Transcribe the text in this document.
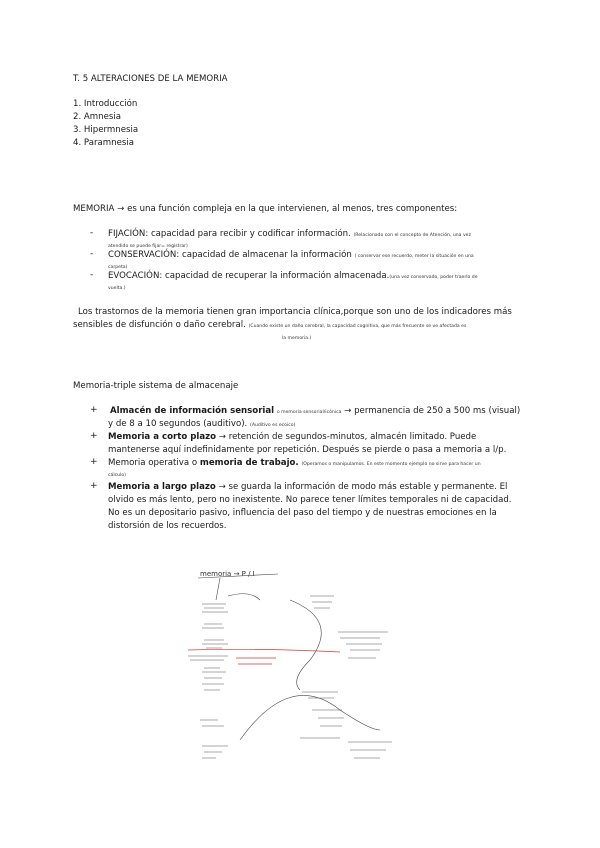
T. 5 ALTERACIONES DE LA MEMORIA
1. Introducción
2. Amnesia
3. Hipermnesia
4. Paramnesia
MEMORIA → es una función compleja en la que intervienen, al menos, tres componentes:
- FIJACIÓN: capacidad para recibir y codificar información. (Relacionado con el concepto de Atención, una vez
atendido se puede fijar= registrar)
- CONSERVACIÓN: capacidad de almacenar la información ( conservar ese recuerdo, meter la situación en una
carpeta)
- EVOCACIÓN: capacidad de recuperar la información almacenada.(una vez conservado, poder traerlo de
vuelta.)
Los trastornos de la memoria tienen gran importancia clínica,porque son uno de los indicadores más
sensibles de disfunción o daño cerebral. (Cuando existe un daño cerebral, la capacidad cognitiva, que más frecuente se ve afectada es
la memoria.)
Memoria-triple sistema de almacenaje
+ Almacén de información sensorial o memoria sensorial/icónica → permanencia de 250 a 500 ms (visual)
y de 8 a 10 segundos (auditivo). (Auditivo es ecoico)
+ Memoria a corto plazo → retención de segundos-minutos, almacén limitado. Puede
mantenerse aquí indefinidamente por repetición. Después se pierde o pasa a memoria a l/p.
+ Memoria operativa o memoria de trabajo. (Operamos o manipulamos. En este momento ejemplo no sirve para hacer un
cálculo)
+ Memoria a largo plazo → se guarda la información de modo más estable y permanente. El
olvido es más lento, pero no inexistente. No parece tener límites temporales ni de capacidad.
No es un depositario pasivo, influencia del paso del tiempo y de nuestras emociones en la
distorsión de los recuerdos.
memoria → P / I
